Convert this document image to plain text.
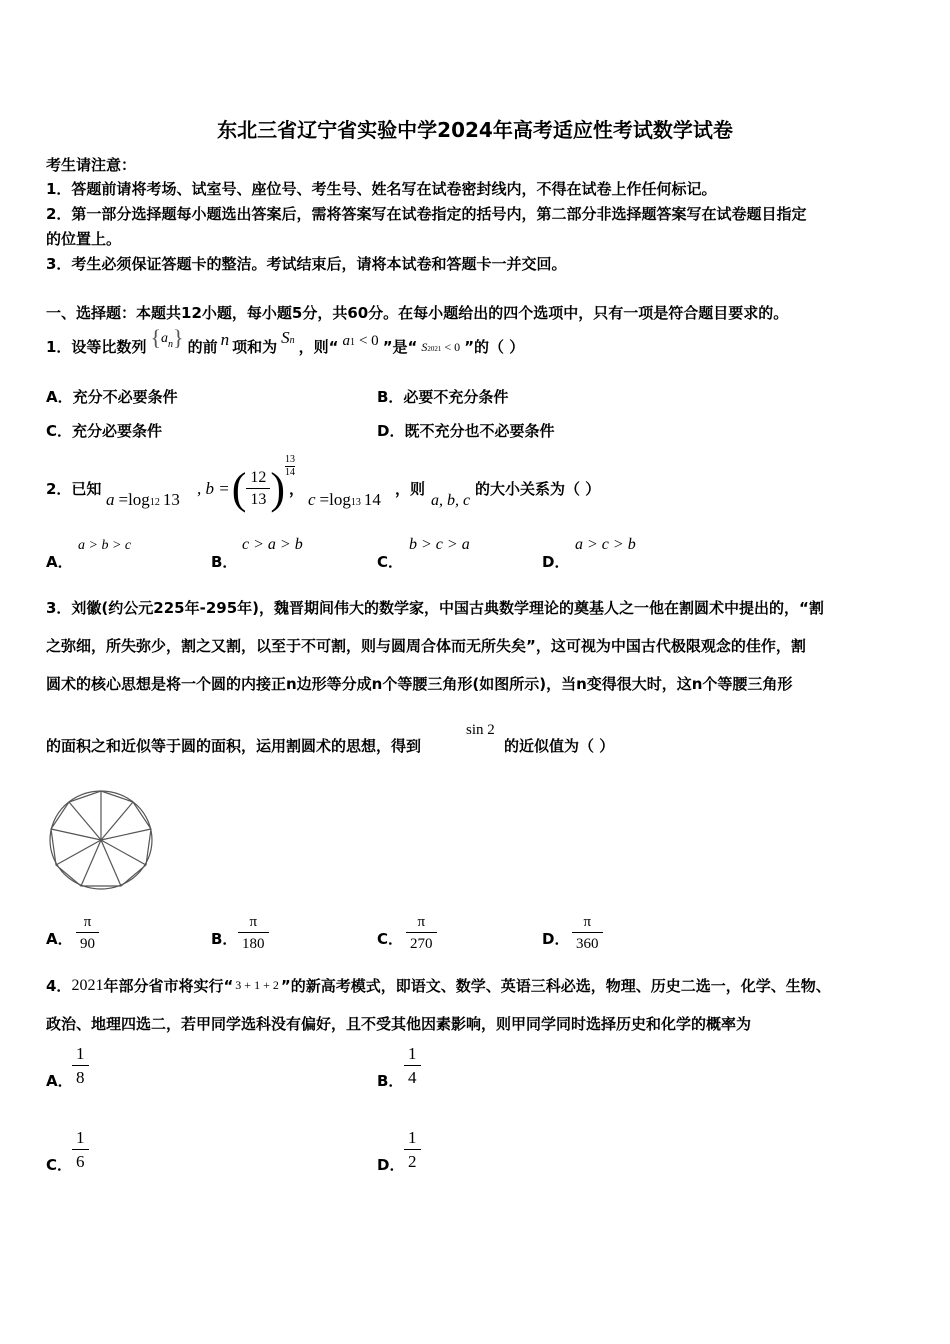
东北三省辽宁省实验中学2024年高考适应性考试数学试卷
考生请注意：
1．答题前请将考场、试室号、座位号、考生号、姓名写在试卷密封线内，不得在试卷上作任何标记。
2．第一部分选择题每小题选出答案后，需将答案写在试卷指定的括号内，第二部分非选择题答案写在试卷题目指定
的位置上。
3．考生必须保证答题卡的整洁。考试结束后，请将本试卷和答题卡一并交回。
一、选择题：本题共12小题，每小题5分，共60分。在每小题给出的四个选项中，只有一项是符合题目要求的。
1．设等比数列 { a n } 的前 n 项和为 Sn ，则“ a1 < 0 ”是“ S2021 < 0 ”的（ ）
A．充分不必要条件	B．必要不充分条件
C．充分必要条件	D．既不充分也不必要条件
2．已知
a =log12 13
, b = ( $\frac{12}{13}$ ) $\frac{13}{14}$
，
c =log13 14
，则
a, b, c
的大小关系为（ ）
A．
a > b > c
B．
c > a > b
C．
b > c > a
D．
a > c > b
3．刘徽(约公元225年-295年)，魏晋期间伟大的数学家，中国古典数学理论的奠基人之一他在割圆术中提出的，“割
之弥细，所失弥少，割之又割，以至于不可割，则与圆周合体而无所失矣”，这可视为中国古代极限观念的佳作，割
圆术的核心思想是将一个圆的内接正n边形等分成n个等腰三角形(如图所示)，当n变得很大时，这n个等腰三角形
的面积之和近似等于圆的面积，运用割圆术的思想，得到
sin 2
的近似值为（ ）
A． $\frac{\pi}{90}$	B． $\frac{\pi}{180}$	C． $\frac{\pi}{270}$	D． $\frac{\pi}{360}$
4． 2021 年部分省市将实行“ 3 + 1 + 2 ”的新高考模式，即语文、数学、英语三科必选，物理、历史二选一，化学、生物、
政治、地理四选二，若甲同学选科没有偏好，且不受其他因素影响，则甲同学同时选择历史和化学的概率为
A． $\frac{1}{8}$	B． $\frac{1}{4}$
C． $\frac{1}{6}$	D． $\frac{1}{2}$
